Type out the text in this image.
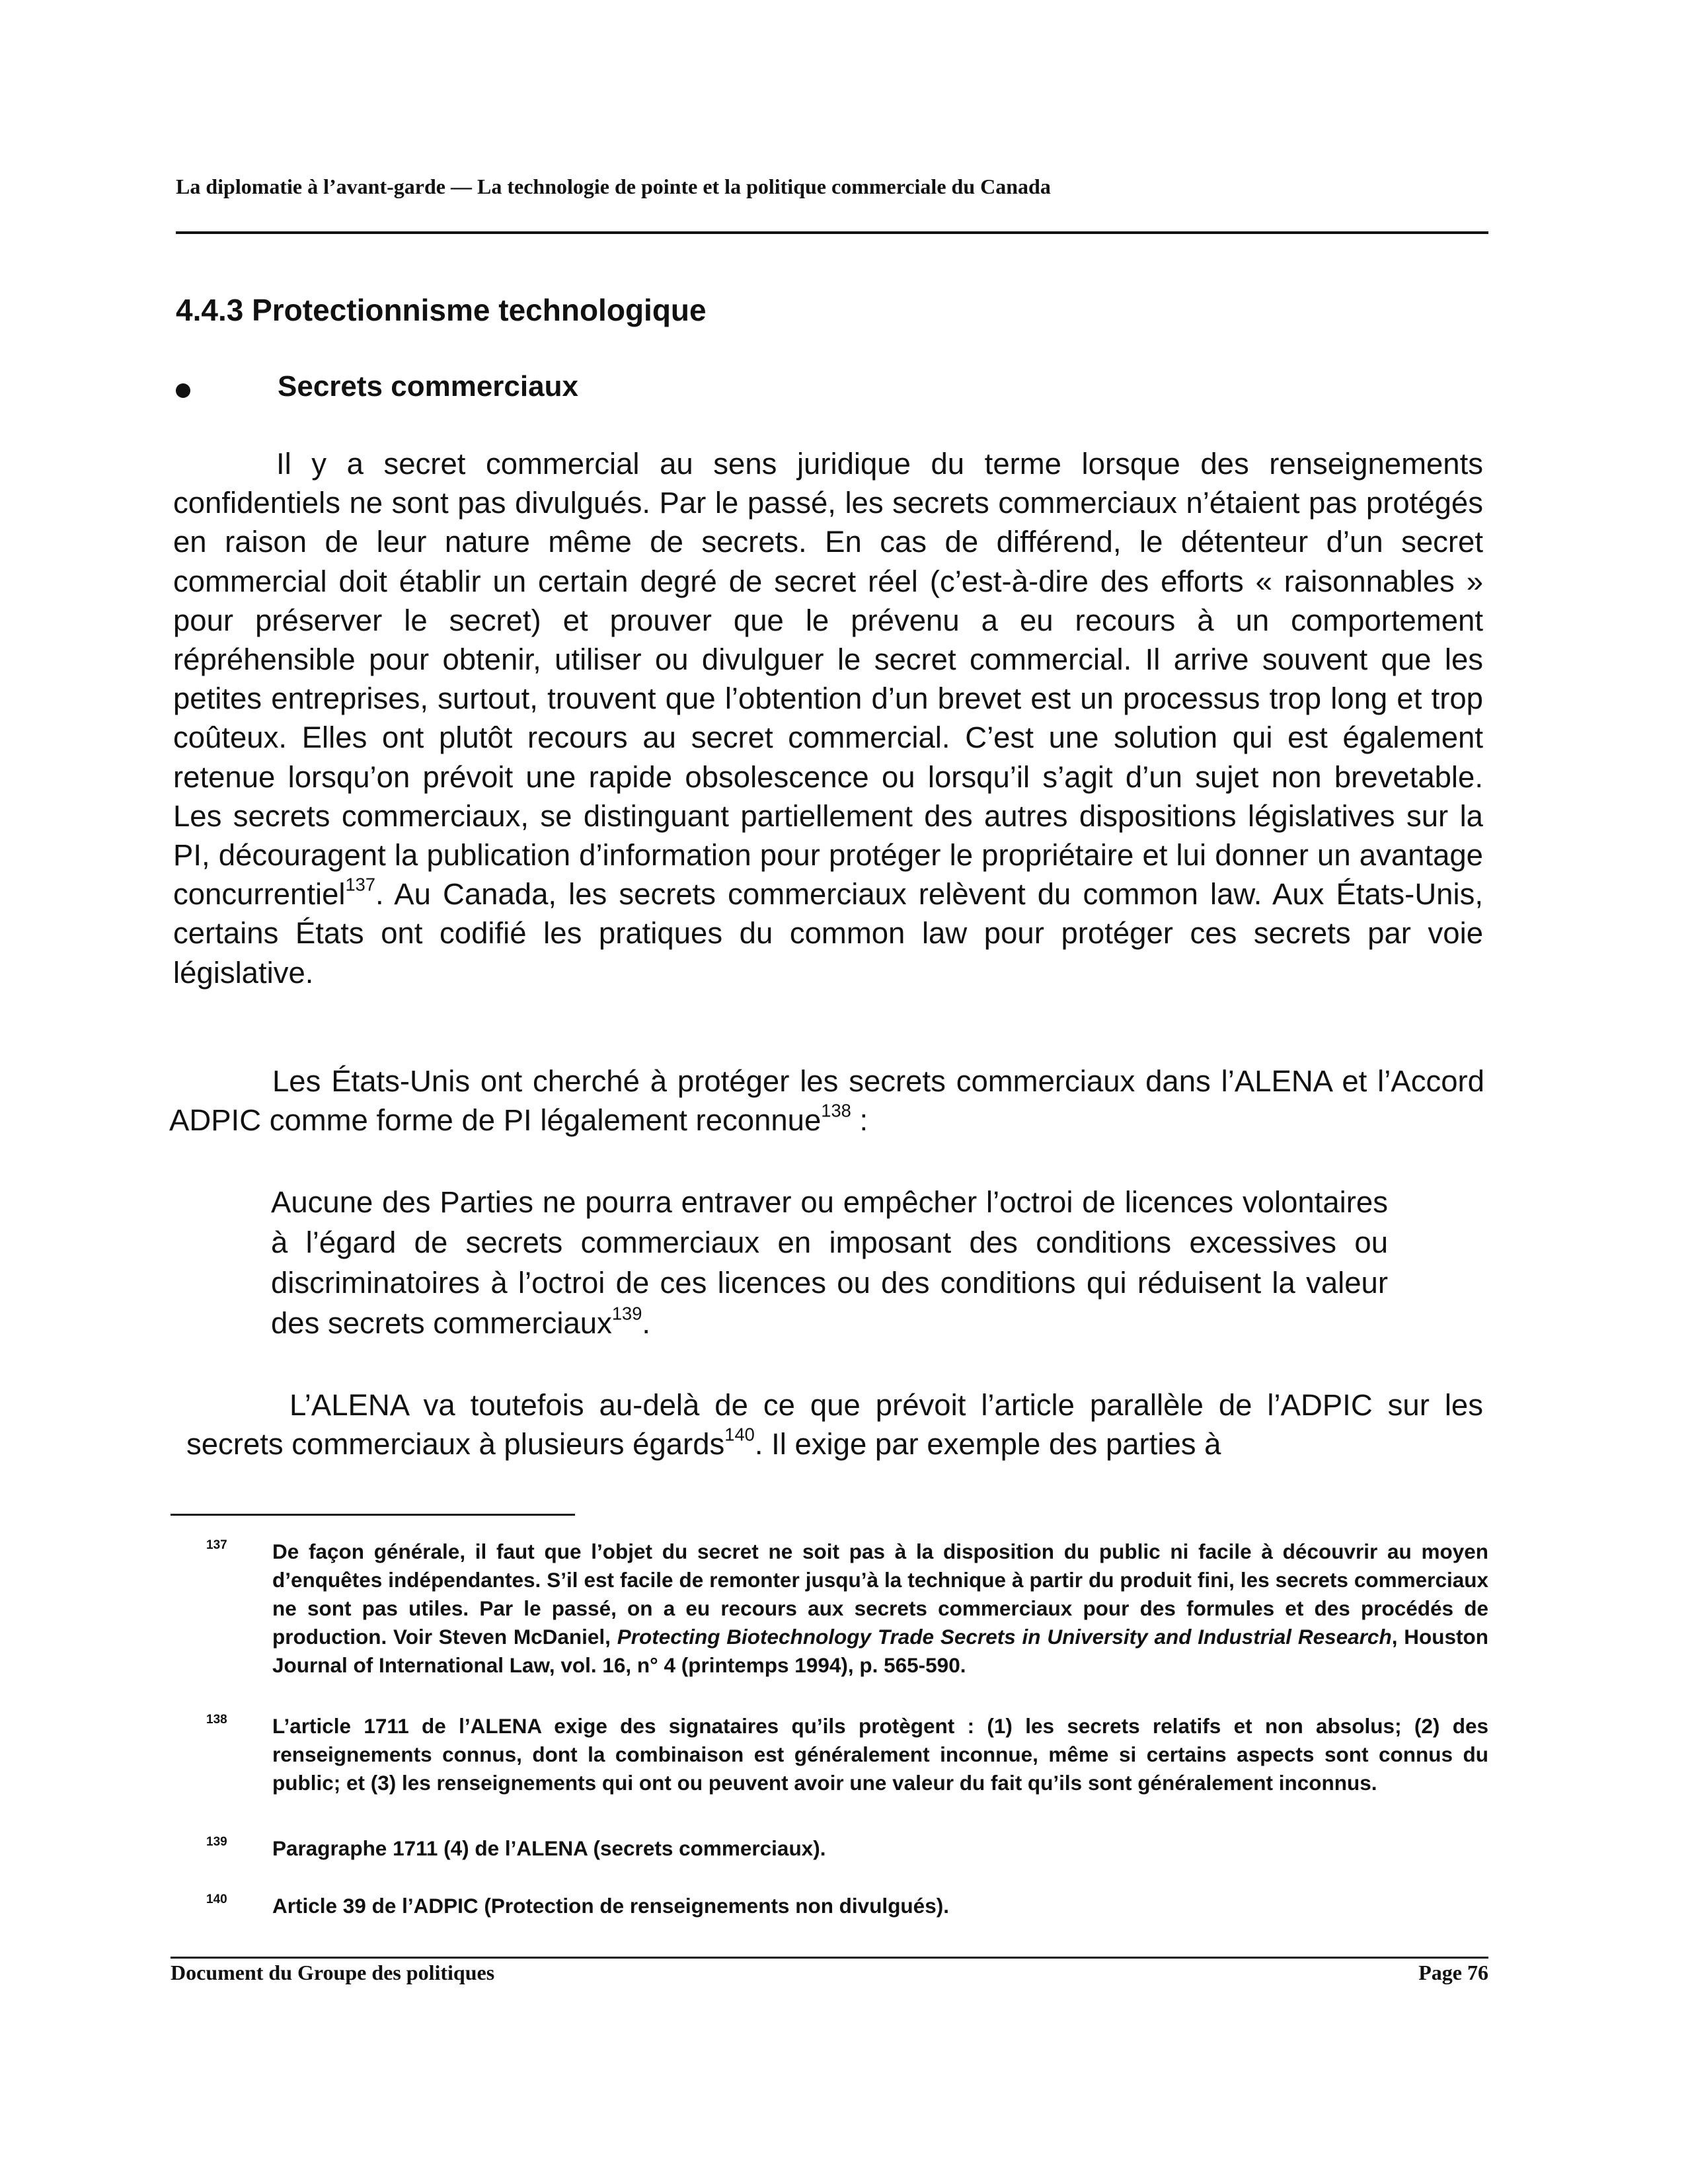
La diplomatie à l’avant-garde — La technologie de pointe et la politique commerciale du Canada
4.4.3 Protectionnisme technologique
Secrets commerciaux

Il y a secret commercial au sens juridique du terme lorsque des renseignements confidentiels ne sont pas divulgués. Par le passé, les secrets commerciaux n’étaient pas protégés en raison de leur nature même de secrets. En cas de différend, le détenteur d’un secret commercial doit établir un certain degré de secret réel (c’est-à-dire des efforts « raisonnables » pour préserver le secret) et prouver que le prévenu a eu recours à un comportement répréhensible pour obtenir, utiliser ou divulguer le secret commercial. Il arrive souvent que les petites entreprises, surtout, trouvent que l’obtention d’un brevet est un processus trop long et trop coûteux. Elles ont plutôt recours au secret commercial. C’est une solution qui est également retenue lorsqu’on prévoit une rapide obsolescence ou lorsqu’il s’agit d’un sujet non brevetable. Les secrets commerciaux, se distinguant partiellement des autres dispositions législatives sur la PI, découragent la publication d’information pour protéger le propriétaire et lui donner un avantage concurrentiel$^{137}$. Au Canada, les secrets commerciaux relèvent du common law. Aux États-Unis, certains États ont codifié les pratiques du common law pour protéger ces secrets par voie législative.

Les États-Unis ont cherché à protéger les secrets commerciaux dans l’ALENA et l’Accord ADPIC comme forme de PI légalement reconnue$^{138}$ :

Aucune des Parties ne pourra entraver ou empêcher l’octroi de licences volontaires à l’égard de secrets commerciaux en imposant des conditions excessives ou discriminatoires à l’octroi de ces licences ou des conditions qui réduisent la valeur des secrets commerciaux$^{139}$.

L’ALENA va toutefois au-delà de ce que prévoit l’article parallèle de l’ADPIC sur les secrets commerciaux à plusieurs égards$^{140}$. Il exige par exemple des parties à

137 De façon générale, il faut que l’objet du secret ne soit pas à la disposition du public ni facile à découvrir au moyen d’enquêtes indépendantes. S’il est facile de remonter jusqu’à la technique à partir du produit fini, les secrets commerciaux ne sont pas utiles. Par le passé, on a eu recours aux secrets commerciaux pour des formules et des procédés de production. Voir Steven McDaniel, Protecting Biotechnology Trade Secrets in University and Industrial Research, Houston Journal of International Law, vol. 16, n° 4 (printemps 1994), p. 565-590.
138 L’article 1711 de l’ALENA exige des signataires qu’ils protègent : (1) les secrets relatifs et non absolus; (2) des renseignements connus, dont la combinaison est généralement inconnue, même si certains aspects sont connus du public; et (3) les renseignements qui ont ou peuvent avoir une valeur du fait qu’ils sont généralement inconnus.
139 Paragraphe 1711 (4) de l’ALENA (secrets commerciaux).
140 Article 39 de l’ADPIC (Protection de renseignements non divulgués).
Document du Groupe des politiques	Page 76
